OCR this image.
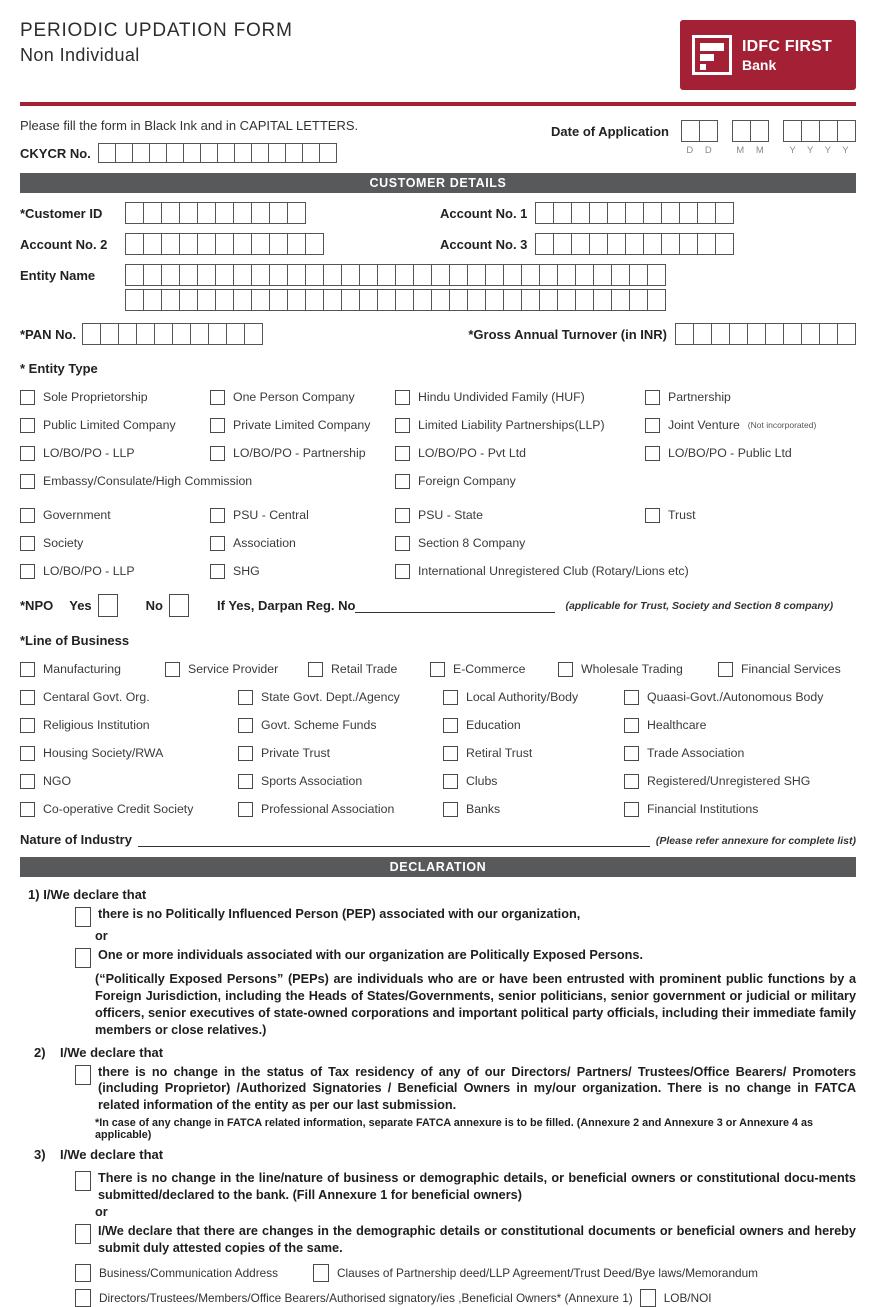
PERIODIC UPDATION FORM
Non Individual	IDFC FIRST
Bank
Please fill the form in Black Ink and in CAPITAL LETTERS.
CKYCR No.
Date of Application
D D	M M	Y Y Y Y
CUSTOMER DETAILS
*Customer ID	Account No. 1
Account No. 2	Account No. 3
Entity Name
*PAN No.	*Gross Annual Turnover (in INR)
* Entity Type
Sole Proprietorship	One Person Company	Hindu Undivided Family (HUF)	Partnership
Public Limited Company	Private Limited Company	Limited Liability Partnerships(LLP)	Joint Venture (Not incorporated)
LO/BO/PO - LLP	LO/BO/PO - Partnership	LO/BO/PO - Pvt Ltd	LO/BO/PO - Public Ltd
Embassy/Consulate/High Commission	Foreign Company
Government	PSU - Central	PSU - State	Trust
Society	Association	Section 8 Company
LO/BO/PO - LLP	SHG	International Unregistered Club (Rotary/Lions etc)
*NPO Yes	No	If Yes, Darpan Reg. No	(applicable for Trust, Society and Section 8 company)
*Line of Business
Manufacturing	Service Provider	Retail Trade	E-Commerce	Wholesale Trading	Financial Services
Centaral Govt. Org.	State Govt. Dept./Agency	Local Authority/Body	Quaasi-Govt./Autonomous Body
Religious Institution	Govt. Scheme Funds	Education	Healthcare
Housing Society/RWA	Private Trust	Retiral Trust	Trade Association
NGO	Sports Association	Clubs	Registered/Unregistered SHG
Co-operative Credit Society	Professional Association	Banks	Financial Institutions
Nature of Industry	(Please refer annexure for complete list)
DECLARATION
1) I/We declare that
there is no Politically Influenced Person (PEP) associated with our organization,
or
One or more individuals associated with our organization are Politically Exposed Persons.
(“Politically Exposed Persons” (PEPs) are individuals who are or have been entrusted with prominent public functions by a Foreign Jurisdiction, including the Heads of States/Governments, senior politicians, senior government or judicial or military officers, senior executives of state-owned corporations and important political party officials, including their immediate family members or close relatives.)
2)	I/We declare that
there is no change in the status of Tax residency of any of our Directors/ Partners/ Trustees/Office Bearers/ Promoters (including Proprietor) /Authorized Signatories / Beneficial Owners in my/our organization. There is no change in FATCA related information of the entity as per our last submission.
*In case of any change in FATCA related information, separate FATCA annexure is to be filled. (Annexure 2 and Annexure 3 or Annexure 4 as applicable)
3)	I/We declare that
There is no change in the line/nature of business or demographic details, or beneficial owners or constitutional docu-ments submitted/declared to the bank. (Fill Annexure 1 for beneficial owners)
or
I/We declare that there are changes in the demographic details or constitutional documents or beneficial owners and hereby submit duly attested copies of the same.
Business/Communication Address	Clauses of Partnership deed/LLP Agreement/Trust Deed/Bye laws/Memorandum
Directors/Trustees/Members/Office Bearers/Authorised signatory/ies ,Beneficial Owners* (Annexure 1)	LOB/NOI
